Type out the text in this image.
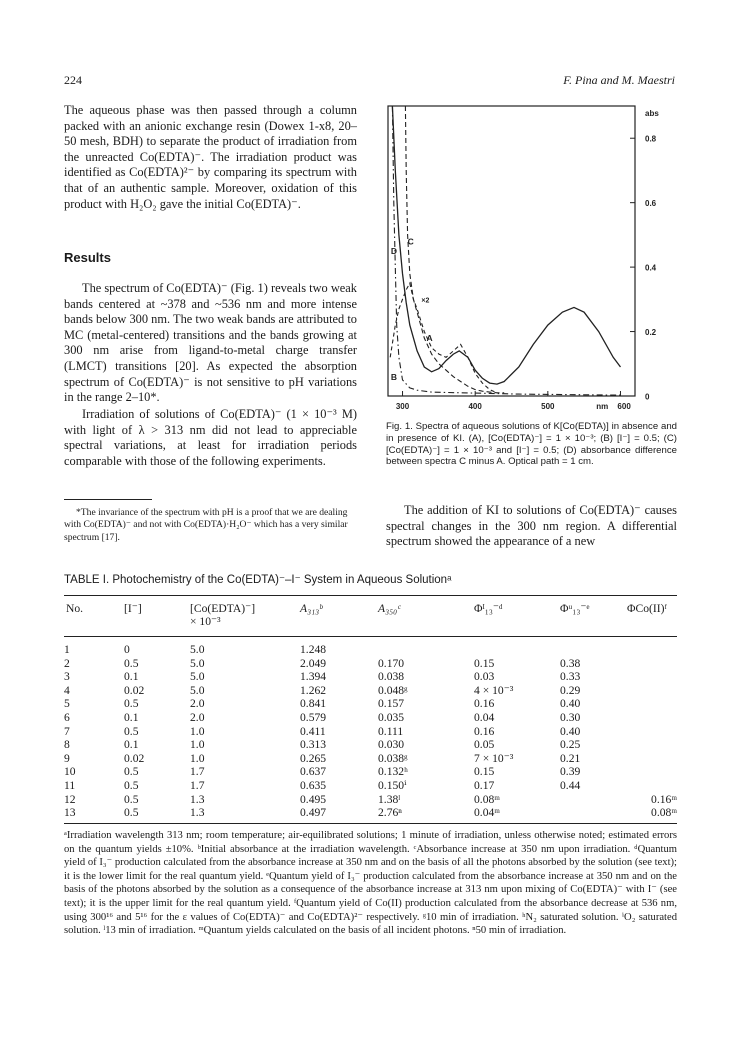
224	F. Pina and M. Maestri

The aqueous phase was then passed through a column packed with an anionic exchange resin (Dowex 1-x8, 20–50 mesh, BDH) to separate the product of irradiation from the unreacted Co(EDTA)⁻. The irradiation product was identified as Co(EDTA)²⁻ by comparing its spectrum with that of an authentic sample. Moreover, oxidation of this product with H₂O₂ gave the initial Co(EDTA)⁻.

Results

The spectrum of Co(EDTA)⁻ (Fig. 1) reveals two weak bands centered at ~378 and ~536 nm and more intense bands below 300 nm. The two weak bands are attributed to MC (metal-centered) transitions and the bands growing at 300 nm arise from ligand-to-metal charge transfer (LMCT) transitions [20]. As expected the absorption spectrum of Co(EDTA)⁻ is not sensitive to pH variations in the range 2–10*.

Irradiation of solutions of Co(EDTA)⁻ (1 × 10⁻³ M) with light of λ > 313 nm did not lead to appreciable spectral variations, at least for irradiation periods comparable with those of the following experiments.

*The invariance of the spectrum with pH is a proof that we are dealing with Co(EDTA)⁻ and not with Co(EDTA)·H₂O⁻ which has a very similar spectrum [17].

0.8
0.6
0.4
0.2
0
abs
300	400	500	nm 600
A
B
C
D
×2

Fig. 1. Spectra of aqueous solutions of K[Co(EDTA)] in absence and in presence of KI. (A), [Co(EDTA)⁻] = 1 × 10⁻³; (B) [I⁻] = 0.5; (C) [Co(EDTA)⁻] = 1 × 10⁻³ and [I⁻] = 0.5; (D) absorbance difference between spectra C minus A. Optical path = 1 cm.

The addition of KI to solutions of Co(EDTA)⁻ causes spectral changes in the 300 nm region. A differential spectrum showed the appearance of a new

TABLE I. Photochemistry of the Co(EDTA)⁻–I⁻ System in Aqueous Solutionᵃ
No.	[I⁻]	[Co(EDTA)⁻]
× 10⁻³
A₃₁₃ᵇ	A₃₅₀ᶜ	Φᴵ₁₃⁻ᵈ	Φᵘ₁₃⁻ᵉ	ΦCo(II)ᶠ
1	0	5.0	1.248				
2	0.5	5.0	2.049	0.170	0.15	0.38	
3	0.1	5.0	1.394	0.038	0.03	0.33	
4	0.02	5.0	1.262	0.048ᵍ	4 × 10⁻³	0.29	
5	0.5	2.0	0.841	0.157	0.16	0.40	
6	0.1	2.0	0.579	0.035	0.04	0.30	
7	0.5	1.0	0.411	0.111	0.16	0.40	
8	0.1	1.0	0.313	0.030	0.05	0.25	
9	0.02	1.0	0.265	0.038ᵍ	7 × 10⁻³	0.21	
10	0.5	1.7	0.637	0.132ʰ	0.15	0.39	
11	0.5	1.7	0.635	0.150ⁱ	0.17	0.44	
12	0.5	1.3	0.495	1.38ˡ	0.08ᵐ		0.16ᵐ
13	0.5	1.3	0.497	2.76ⁿ	0.04ᵐ		0.08ᵐ

ᵃIrradiation wavelength 313 nm; room temperature; air-equilibrated solutions; 1 minute of irradiation, unless otherwise noted; estimated errors on the quantum yields ±10%. ᵇInitial absorbance at the irradiation wavelength. ᶜAbsorbance increase at 350 nm upon irradiation. ᵈQuantum yield of I₃⁻ production calculated from the absorbance increase at 350 nm and on the basis of all the photons absorbed by the solution (see text); it is the lower limit for the real quantum yield. ᵉQuantum yield of I₃⁻ production calculated from the absorbance increase at 350 nm and on the basis of the photons absorbed by the solution as a consequence of the absorbance increase at 313 nm upon mixing of Co(EDTA)⁻ with I⁻ (see text); it is the upper limit for the real quantum yield. ᶠQuantum yield of Co(II) production calculated from the absorbance decrease at 536 nm, using 300¹⁶ and 5¹⁶ for the ε values of Co(EDTA)⁻ and Co(EDTA)²⁻ respectively. ᵍ10 min of irradiation. ʰN₂ saturated solution. ⁱO₂ saturated solution. ˡ13 min of irradiation. ᵐQuantum yields calculated on the basis of all incident photons. ⁿ50 min of irradiation.
